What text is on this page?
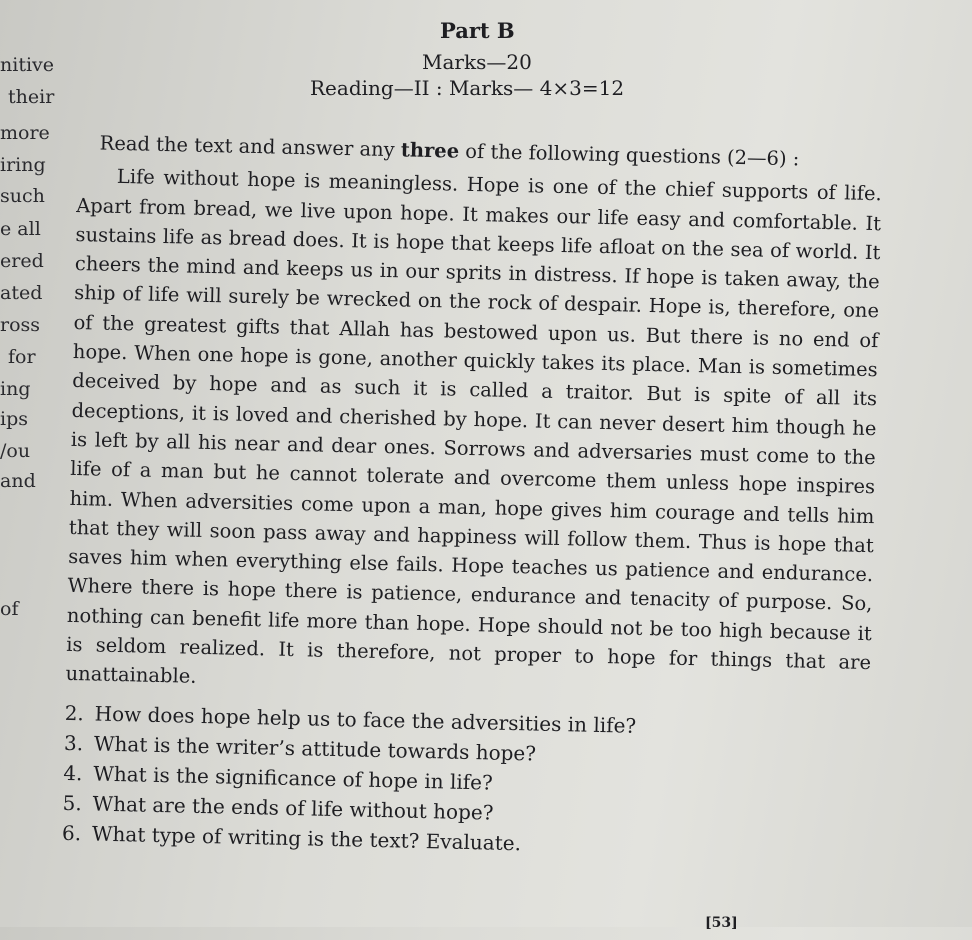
nitive
their
more
iring
such
e all
ered
ated
ross
for
ing
ips
/ou
and
of
Part B
Marks—20
Reading—II : Marks— 4×3=12

Read the text and answer any three of the following questions (2—6) :

Life without hope is meaningless. Hope is one of the chief supports of life. Apart from bread, we live upon hope. It makes our life easy and comfortable. It sustains life as bread does. It is hope that keeps life afloat on the sea of world. It cheers the mind and keeps us in our sprits in distress. If hope is taken away, the ship of life will surely be wrecked on the rock of despair. Hope is, therefore, one of the greatest gifts that Allah has bestowed upon us. But there is no end of hope. When one hope is gone, another quickly takes its place. Man is sometimes deceived by hope and as such it is called a traitor. But is spite of all its deceptions, it is loved and cherished by hope. It can never desert him though he is left by all his near and dear ones. Sorrows and adversaries must come to the life of a man but he cannot tolerate and overcome them unless hope inspires him. When adversities come upon a man, hope gives him courage and tells him that they will soon pass away and happiness will follow them. Thus is hope that saves him when everything else fails. Hope teaches us patience and endurance. Where there is hope there is patience, endurance and tenacity of purpose. So, nothing can benefit life more than hope. Hope should not be too high because it is seldom realized. It is therefore, not proper to hope for things that are unattainable.

2. How does hope help us to face the adversities in life?
3. What is the writer’s attitude towards hope?
4. What is the significance of hope in life?
5. What are the ends of life without hope?
6. What type of writing is the text? Evaluate.
[53]
